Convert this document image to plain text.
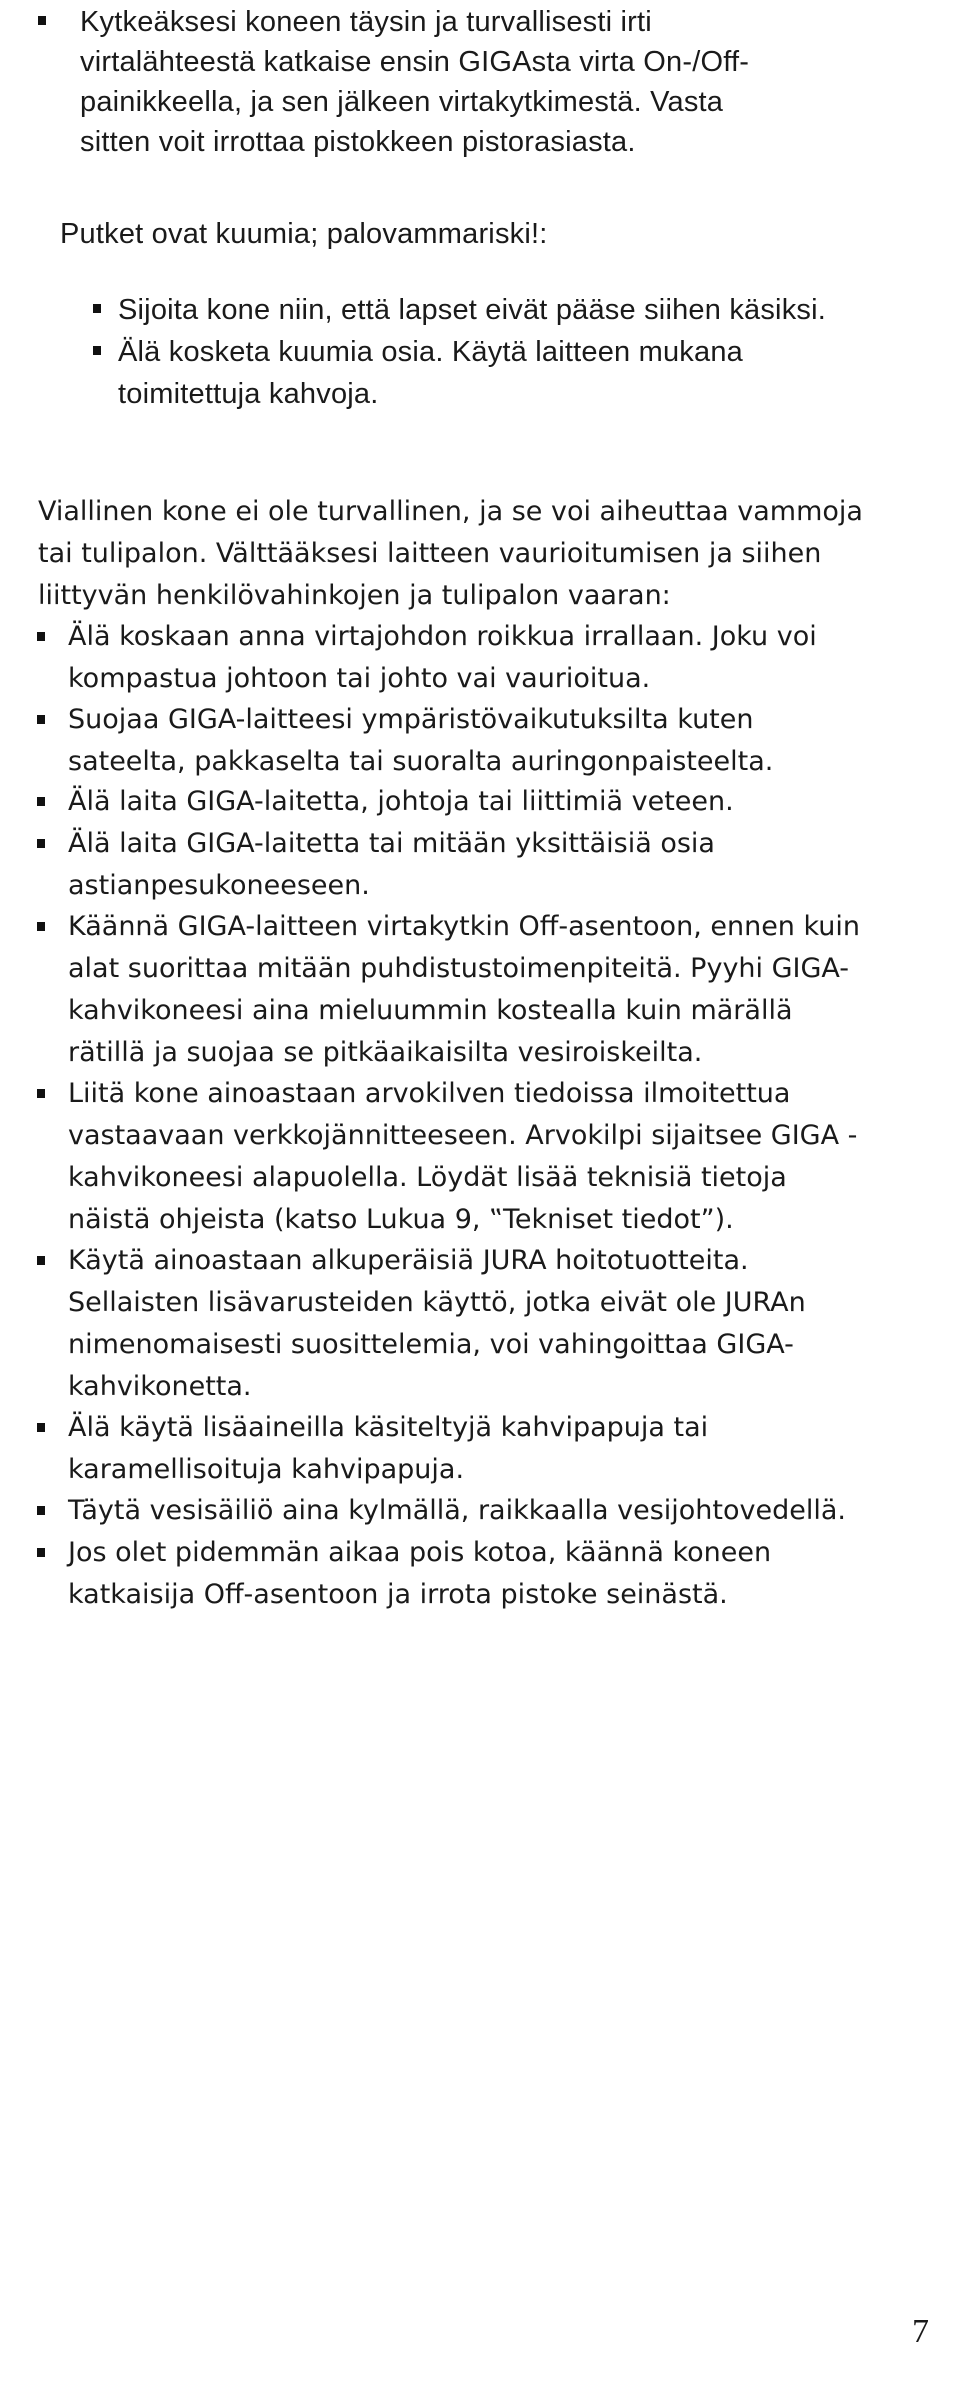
Kytkeäksesi koneen täysin ja turvallisesti irti
virtalähteestä katkaise ensin GIGAsta virta On-/Off-
painikkeella, ja sen jälkeen virtakytkimestä. Vasta
sitten voit irrottaa pistokkeen pistorasiasta.
Putket ovat kuumia; palovammariski!:
Sijoita kone niin, että lapset eivät pääse siihen käsiksi.
Älä kosketa kuumia osia. Käytä laitteen mukana
toimitettuja kahvoja.
Viallinen kone ei ole turvallinen, ja se voi aiheuttaa vammoja
tai tulipalon. Välttääksesi laitteen vaurioitumisen ja siihen
liittyvän henkilövahinkojen ja tulipalon vaaran:
Älä koskaan anna virtajohdon roikkua irrallaan. Joku voi
kompastua johtoon tai johto vai vaurioitua.
Suojaa GIGA-laitteesi ympäristövaikutuksilta kuten
sateelta, pakkaselta tai suoralta auringonpaisteelta.
Älä laita GIGA-laitetta, johtoja tai liittimiä veteen.
Älä laita GIGA-laitetta tai mitään yksittäisiä osia
astianpesukoneeseen.
Käännä GIGA-laitteen virtakytkin Off-asentoon, ennen kuin
alat suorittaa mitään puhdistustoimenpiteitä. Pyyhi GIGA-
kahvikoneesi aina mieluummin kostealla kuin märällä
rätillä ja suojaa se pitkäaikaisilta vesiroiskeilta.
Liitä kone ainoastaan arvokilven tiedoissa ilmoitettua
vastaavaan verkkojännitteeseen. Arvokilpi sijaitsee GIGA -
kahvikoneesi alapuolella. Löydät lisää teknisiä tietoja
näistä ohjeista (katso Lukua 9, ‟Tekniset tiedot”).
Käytä ainoastaan alkuperäisiä JURA hoitotuotteita.
Sellaisten lisävarusteiden käyttö, jotka eivät ole JURAn
nimenomaisesti suosittelemia, voi vahingoittaa GIGA-
kahvikonetta.
Älä käytä lisäaineilla käsiteltyjä kahvipapuja tai
karamellisoituja kahvipapuja.
Täytä vesisäiliö aina kylmällä, raikkaalla vesijohtovedellä.
Jos olet pidemmän aikaa pois kotoa, käännä koneen
katkaisija Off-asentoon ja irrota pistoke seinästä.
7
